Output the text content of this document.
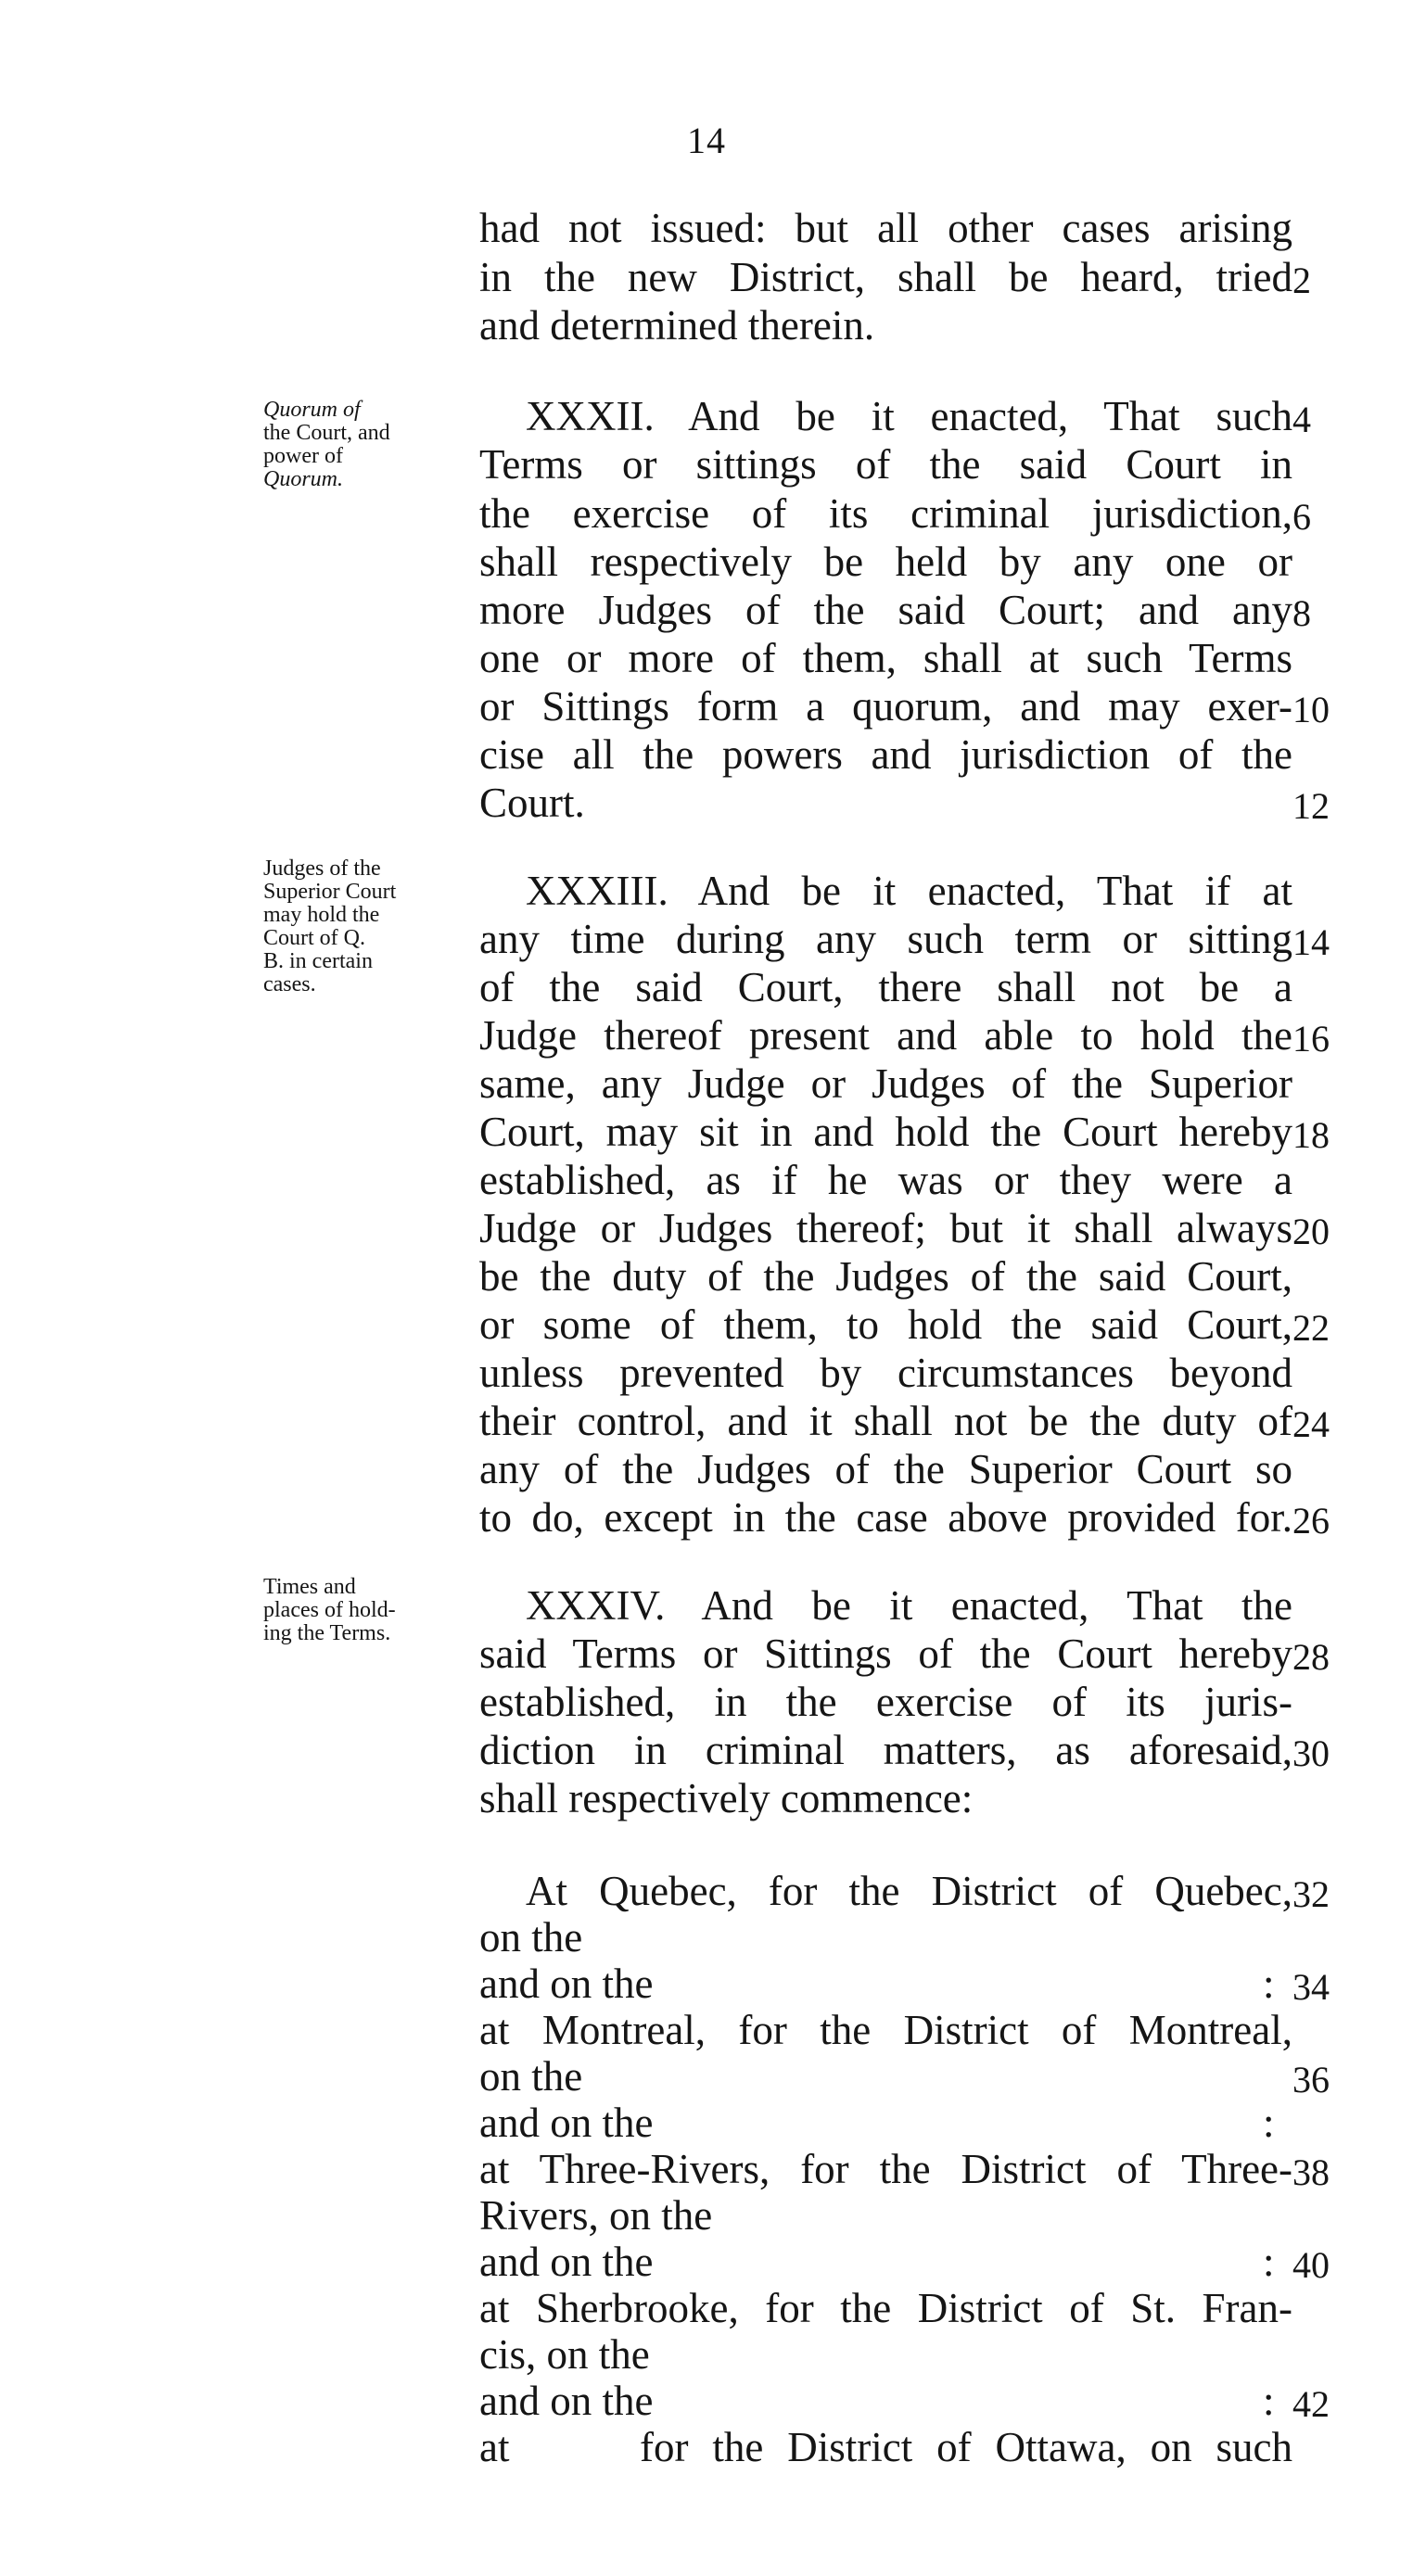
14
had not issued: but all other cases arising
in the new District, shall be heard, tried 2
and determined therein.
XXXII. And be it enacted, That such 4
Terms or sittings of the said Court in
the exercise of its criminal jurisdiction, 6
shall respectively be held by any one or
more Judges of the said Court; and any 8
one or more of them, shall at such Terms
or Sittings form a quorum, and may exer- 10
cise all the powers and jurisdiction of the
Court.	12
XXXIII. And be it enacted, That if at
any time during any such term or sitting 14
of the said Court, there shall not be a
Judge thereof present and able to hold the 16
same, any Judge or Judges of the Superior
Court, may sit in and hold the Court hereby 18
established, as if he was or they were a
Judge or Judges thereof; but it shall always 20
be the duty of the Judges of the said Court,
or some of them, to hold the said Court, 22
unless prevented by circumstances beyond
their control, and it shall not be the duty of 24
any of the Judges of the Superior Court so
to do, except in the case above provided for. 26
XXXIV. And be it enacted, That the
said Terms or Sittings of the Court hereby 28
established, in the exercise of its juris-
diction in criminal matters, as aforesaid, 30
shall respectively commence:
At Quebec, for the District of Quebec, 32
on the
and on the	: 34
at Montreal, for the District of Montreal,
on the	36
and on the	:
at Three-Rivers, for the District of Three- 38
Rivers, on the
and on the	: 40
at Sherbrooke, for the District of St. Fran-
cis, on the
and on the	: 42
at	for the District of Ottawa, on such
Quorum of
the Court, and
power of
Quorum.
Judges of the
Superior Court
may hold the
Court of Q.
B. in certain
cases.
Times and
places of hold-
ing the Terms.
